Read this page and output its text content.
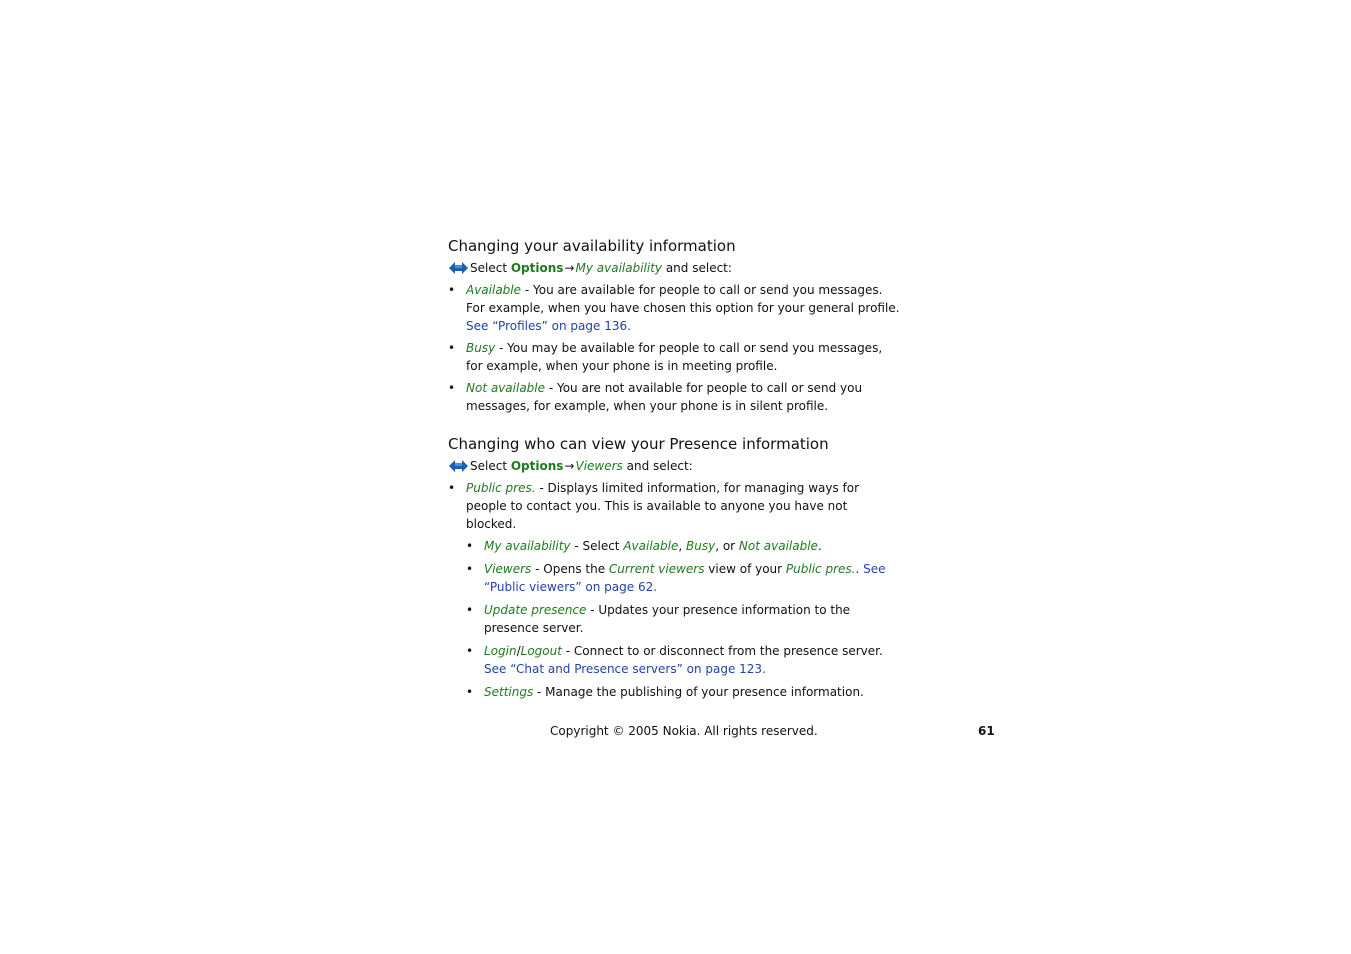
Changing your availability information
Select Options → My availability and select:
• Available - You are available for people to call or send you messages. For example, when you have chosen this option for your general profile. See “Profiles” on page 136.
• Busy - You may be available for people to call or send you messages, for example, when your phone is in meeting profile.
• Not available - You are not available for people to call or send you messages, for example, when your phone is in silent profile.
Changing who can view your Presence information
Select Options → Viewers and select:
• Public pres. - Displays limited information, for managing ways for people to contact you. This is available to anyone you have not blocked.
• My availability - Select Available, Busy, or Not available.
• Viewers - Opens the Current viewers view of your Public pres.. See “Public viewers” on page 62.
• Update presence - Updates your presence information to the presence server.
• Login/Logout - Connect to or disconnect from the presence server. See “Chat and Presence servers” on page 123.
• Settings - Manage the publishing of your presence information.
Copyright © 2005 Nokia. All rights reserved.	61
